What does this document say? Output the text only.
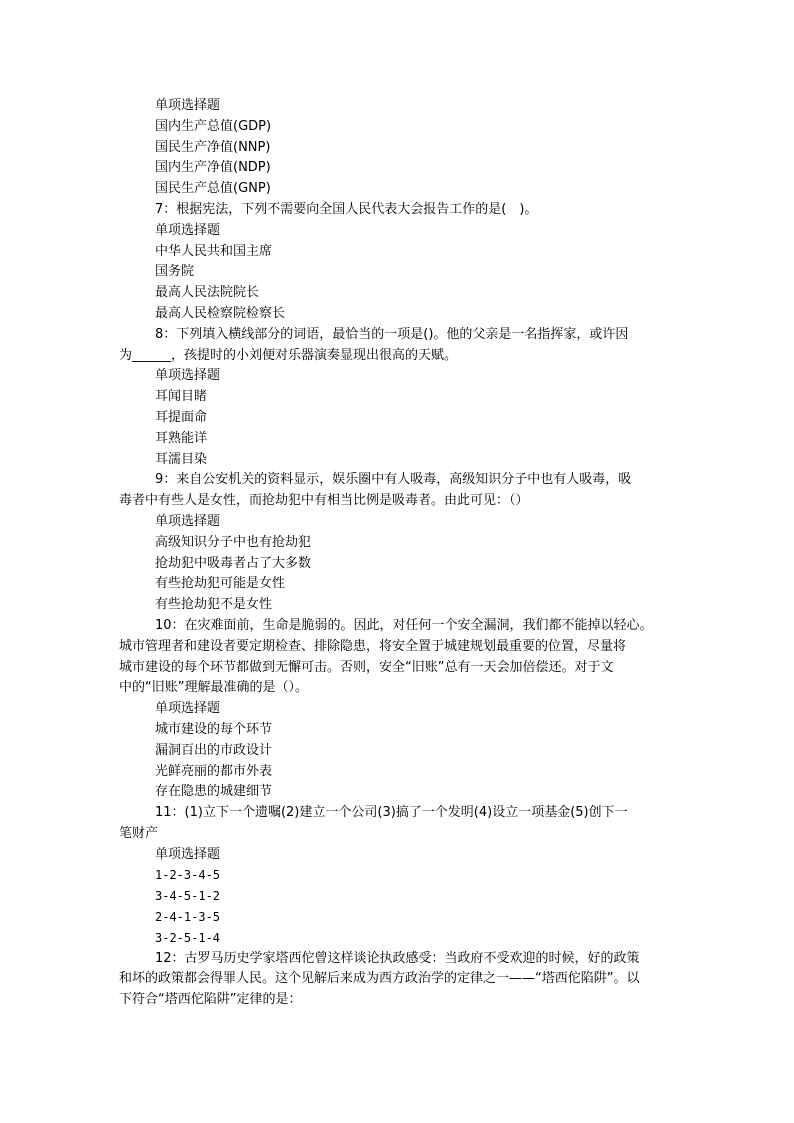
单项选择题
国内生产总值(GDP)
国民生产净值(NNP)
国内生产净值(NDP)
国民生产总值(GNP)
7：根据宪法，下列不需要向全国人民代表大会报告工作的是(　)。
单项选择题
中华人民共和国主席
国务院
最高人民法院院长
最高人民检察院检察长
8：下列填入横线部分的词语，最恰当的一项是()。他的父亲是一名指挥家，或许因
为______，孩提时的小刘便对乐器演奏显现出很高的天赋。
单项选择题
耳闻目睹
耳提面命
耳熟能详
耳濡目染
9：来自公安机关的资料显示，娱乐圈中有人吸毒，高级知识分子中也有人吸毒，吸
毒者中有些人是女性，而抢劫犯中有相当比例是吸毒者。由此可见：（）
单项选择题
高级知识分子中也有抢劫犯
抢劫犯中吸毒者占了大多数
有些抢劫犯可能是女性
有些抢劫犯不是女性
10：在灾难面前，生命是脆弱的。因此，对任何一个安全漏洞，我们都不能掉以轻心。
城市管理者和建设者要定期检查、排除隐患，将安全置于城建规划最重要的位置，尽量将
城市建设的每个环节都做到无懈可击。否则，安全“旧账”总有一天会加倍偿还。对于文
中的“旧账”理解最准确的是（）。
单项选择题
城市建设的每个环节
漏洞百出的市政设计
光鲜亮丽的都市外表
存在隐患的城建细节
11：(1)立下一个遗嘱(2)建立一个公司(3)搞了一个发明(4)设立一项基金(5)创下一
笔财产
单项选择题
1-2-3-4-5
3-4-5-1-2
2-4-1-3-5
3-2-5-1-4
12：古罗马历史学家塔西佗曾这样谈论执政感受：当政府不受欢迎的时候，好的政策
和坏的政策都会得罪人民。这个见解后来成为西方政治学的定律之一——“塔西佗陷阱”。以
下符合“塔西佗陷阱”定律的是：
